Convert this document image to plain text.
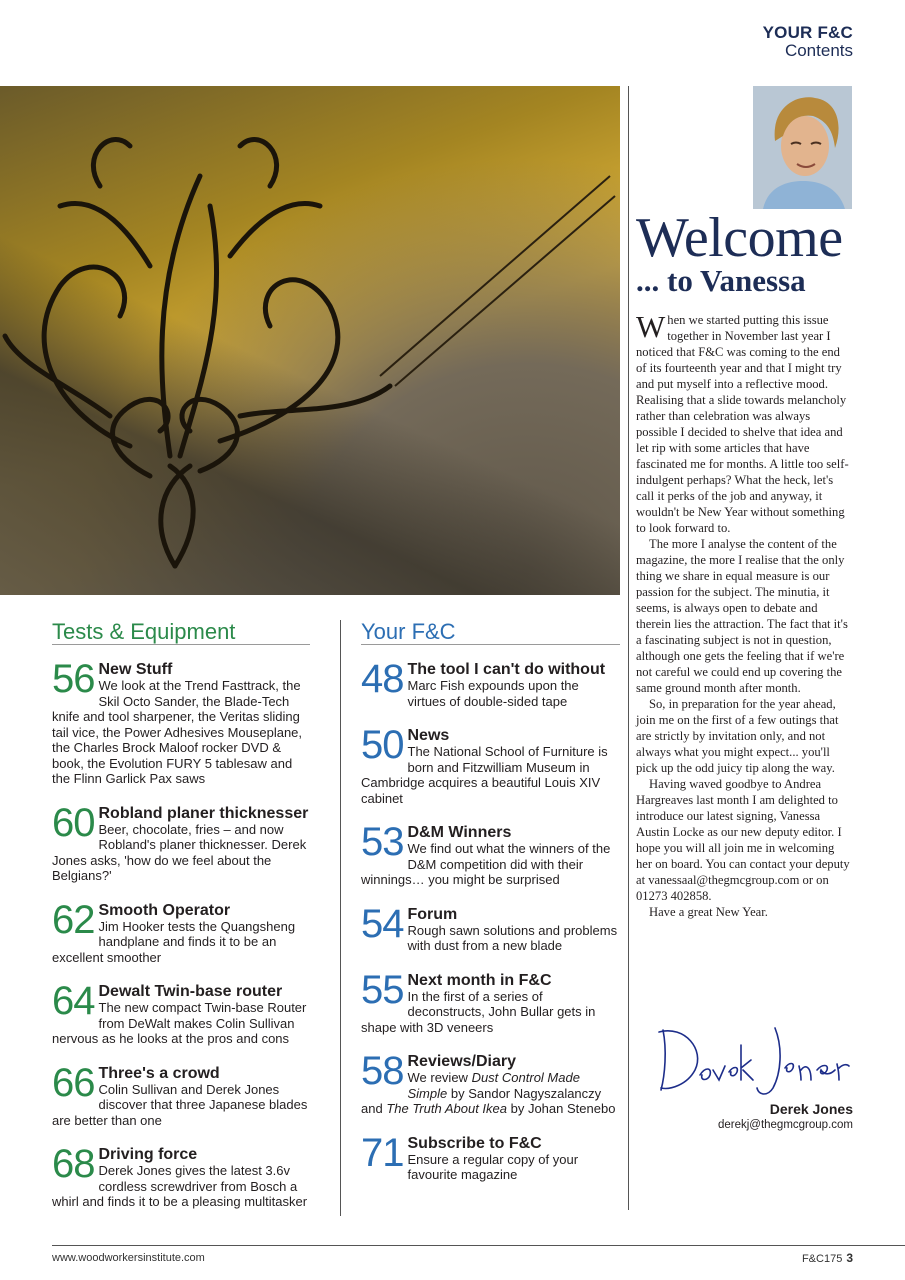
YOUR F&C
Contents
Tests & Equipment
56 New Stuff

We look at the Trend Fasttrack, the Skil Octo Sander, the Blade-Tech knife and tool sharpener, the Veritas sliding tail vice, the Power Adhesives Mouseplane, the Charles Brock Maloof rocker DVD & book, the Evolution FURY 5 tablesaw and the Flinn Garlick Pax saws

60 Robland planer thicknesser

Beer, chocolate, fries – and now Robland's planer thicknesser. Derek Jones asks, 'how do we feel about the Belgians?'

62 Smooth Operator

Jim Hooker tests the Quangsheng handplane and finds it to be an excellent smoother

64 Dewalt Twin-base router

The new compact Twin-base Router from DeWalt makes Colin Sullivan nervous as he looks at the pros and cons

66 Three's a crowd

Colin Sullivan and Derek Jones discover that three Japanese blades are better than one

68 Driving force

Derek Jones gives the latest 3.6v cordless screwdriver from Bosch a whirl and finds it to be a pleasing multitasker

Your F&C
48 The tool I can't do without

Marc Fish expounds upon the virtues of double-sided tape

50 News

The National School of Furniture is born and Fitzwilliam Museum in Cambridge acquires a beautiful Louis XIV cabinet

53 D&M Winners

We find out what the winners of the D&M competition did with their winnings… you might be surprised

54 Forum

Rough sawn solutions and problems with dust from a new blade

55 Next month in F&C

In the first of a series of deconstructs, John Bullar gets in shape with 3D veneers

58 Reviews/Diary

We review Dust Control Made Simple by Sandor Nagyszalanczy and The Truth About Ikea by Johan Stenebo

71 Subscribe to F&C

Ensure a regular copy of your favourite magazine

Welcome
... to Vanessa

When we started putting this issue together in November last year I noticed that F&C was coming to the end of its fourteenth year and that I might try and put myself into a reflective mood. Realising that a slide towards melancholy rather than celebration was always possible I decided to shelve that idea and let rip with some articles that have fascinated me for months. A little too self-indulgent perhaps? What the heck, let's call it perks of the job and anyway, it wouldn't be New Year without something to look forward to.

The more I analyse the content of the magazine, the more I realise that the only thing we share in equal measure is our passion for the subject. The minutia, it seems, is always open to debate and therein lies the attraction. The fact that it's a fascinating subject is not in question, although one gets the feeling that if we're not careful we could end up covering the same ground month after month.

So, in preparation for the year ahead, join me on the first of a few outings that are strictly by invitation only, and not always what you might expect... you'll pick up the odd juicy tip along the way.

Having waved goodbye to Andrea Hargreaves last month I am delighted to introduce our latest signing, Vanessa Austin Locke as our new deputy editor. I hope you will all join me in welcoming her on board. You can contact your deputy at vanessaal@thegmcgroup.com or on 01273 402858.

Have a great New Year.

Derek Jones
derekj@thegmcgroup.com
www.woodworkersinstitute.com	F&C175 3
